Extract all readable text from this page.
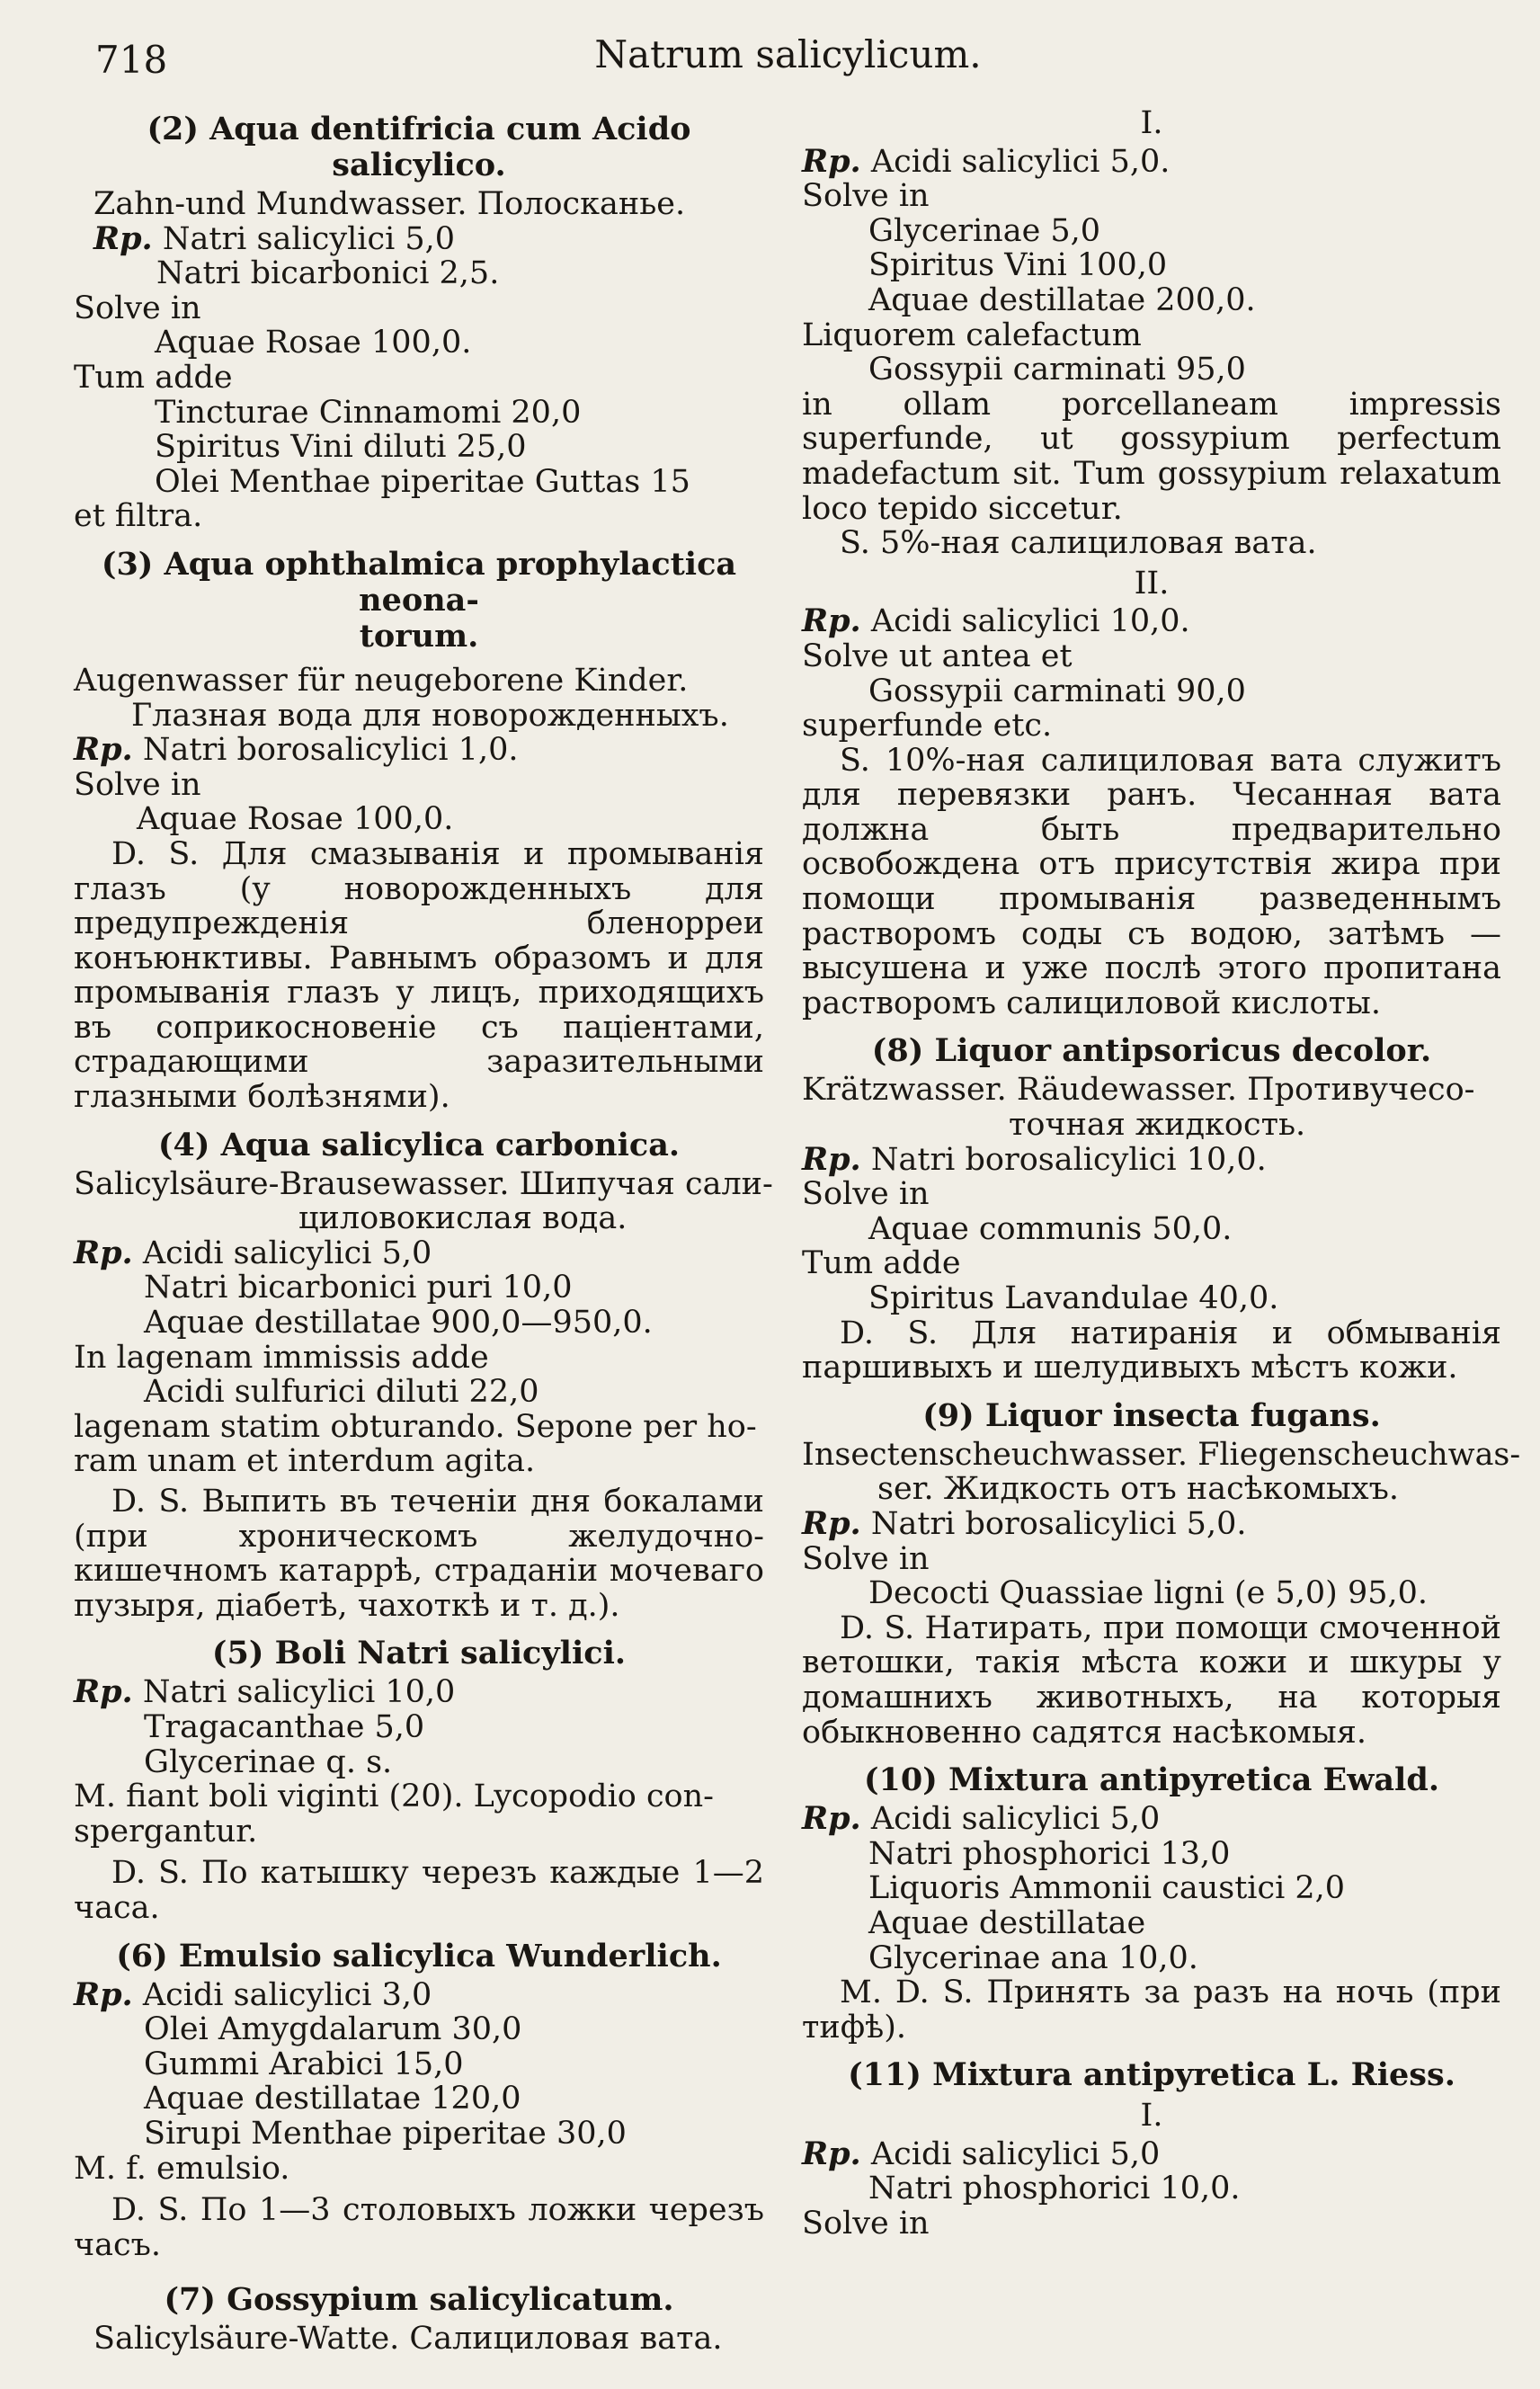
718	Natrum salicylicum.
(2) Aqua dentifricia cum Acido salicylico.
Zahn-und Mundwasser. Полосканье.
Rp. Natri salicylici 5,0
Natri bicarbonici 2,5.
Solve in
Aquae Rosae 100,0.
Tum adde
Tincturae Cinnamomi 20,0
Spiritus Vini diluti 25,0
Olei Menthae piperitae Guttas 15
et filtra.
(3) Aqua ophthalmica prophylactica neona-
torum.
Augenwasser für neugeborene Kinder.
Глазная вода для новорожденныхъ.
Rp. Natri borosalicylici 1,0.
Solve in
Aquae Rosae 100,0.
D. S. Для смазыванія и промыванія глазъ (у новорожденныхъ для предупрежденія бленорреи конъюнктивы. Равнымъ образомъ и для промыванія глазъ у лицъ, приходящихъ въ соприкосновеніе съ паціентами, страдающими заразительными глазными болѣзнями).
(4) Aqua salicylica carbonica.
Salicylsäure-Brausewasser. Шипучая сали-
циловокислая вода.
Rp. Acidi salicylici 5,0
Natri bicarbonici puri 10,0
Aquae destillatae 900,0—950,0.
In lagenam immissis adde
Acidi sulfurici diluti 22,0
lagenam statim obturando. Sepone per ho-
ram unam et interdum agita.
D. S. Выпить въ теченіи дня бокалами (при хроническомъ желудочно-кишечномъ катаррѣ, страданіи мочеваго пузыря, діабетѣ, чахоткѣ и т. д.).
(5) Boli Natri salicylici.
Rp. Natri salicylici 10,0
Tragacanthae 5,0
Glycerinae q. s.
M. fiant boli viginti (20). Lycopodio con-
spergantur.
D. S. По катышку черезъ каждые 1—2 часа.
(6) Emulsio salicylica Wunderlich.
Rp. Acidi salicylici 3,0
Olei Amygdalarum 30,0
Gummi Arabici 15,0
Aquae destillatae 120,0
Sirupi Menthae piperitae 30,0
M. f. emulsio.
D. S. По 1—3 столовыхъ ложки черезъ часъ.
(7) Gossypium salicylicatum.
Salicylsäure-Watte. Салициловая вата.
I.
Rp. Acidi salicylici 5,0.
Solve in
Glycerinae 5,0
Spiritus Vini 100,0
Aquae destillatae 200,0.
Liquorem calefactum
Gossypii carminati 95,0
in ollam porcellaneam impressis superfunde, ut gossypium perfectum madefactum sit. Tum gossypium relaxatum loco tepido siccetur.
S. 5%-ная салициловая вата.
II.
Rp. Acidi salicylici 10,0.
Solve ut antea et
Gossypii carminati 90,0
superfunde etc.
S. 10%-ная салициловая вата служитъ для перевязки ранъ. Чесанная вата должна быть предварительно освобождена отъ присутствія жира при помощи промыванія разведеннымъ растворомъ соды съ водою, затѣмъ — высушена и уже послѣ этого пропитана растворомъ салициловой кислоты.
(8) Liquor antipsoricus decolor.
Krätzwasser. Räudewasser. Противучесо-
точная жидкость.
Rp. Natri borosalicylici 10,0.
Solve in
Aquae communis 50,0.
Tum adde
Spiritus Lavandulae 40,0.
D. S. Для натиранія и обмыванія паршивыхъ и шелудивыхъ мѣстъ кожи.
(9) Liquor insecta fugans.
Insectenscheuchwasser. Fliegenscheuchwas-
ser. Жидкость отъ насѣкомыхъ.
Rp. Natri borosalicylici 5,0.
Solve in
Decocti Quassiae ligni (e 5,0) 95,0.
D. S. Натирать, при помощи смоченной ветошки, такія мѣста кожи и шкуры у домашнихъ животныхъ, на которыя обыкновенно садятся насѣкомыя.
(10) Mixtura antipyretica Ewald.
Rp. Acidi salicylici 5,0
Natri phosphorici 13,0
Liquoris Ammonii caustici 2,0
Aquae destillatae
Glycerinae ana 10,0.
M. D. S. Принять за разъ на ночь (при тифѣ).
(11) Mixtura antipyretica L. Riess.
I.
Rp. Acidi salicylici 5,0
Natri phosphorici 10,0.
Solve in
